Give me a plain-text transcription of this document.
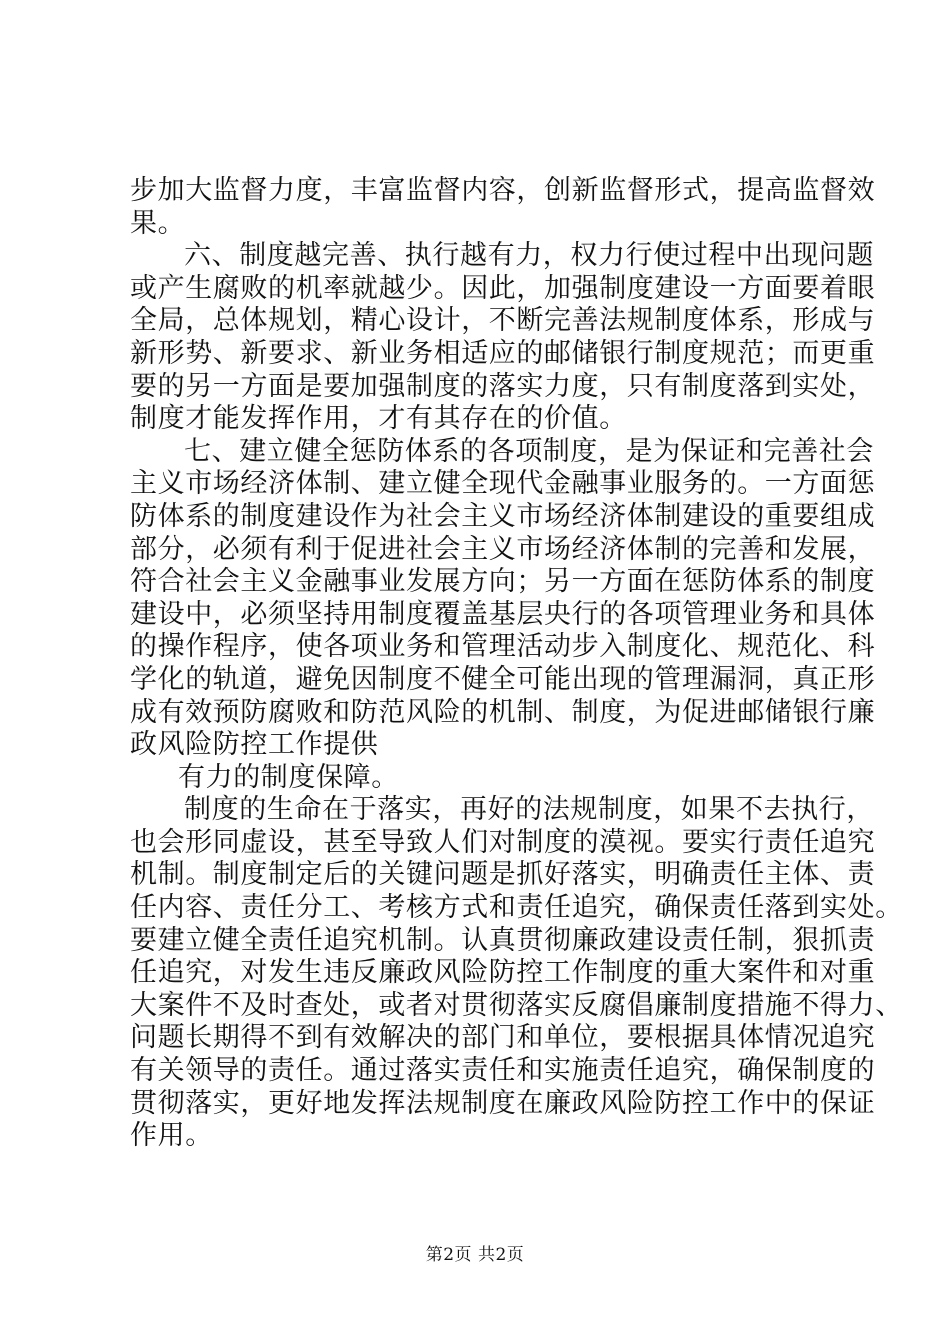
步加大监督力度，丰富监督内容，创新监督形式，提高监督效
果。
六、制度越完善、执行越有力，权力行使过程中出现问题
或产生腐败的机率就越少。因此，加强制度建设一方面要着眼
全局，总体规划，精心设计，不断完善法规制度体系，形成与
新形势、新要求、新业务相适应的邮储银行制度规范；而更重
要的另一方面是要加强制度的落实力度，只有制度落到实处，
制度才能发挥作用，才有其存在的价值。
七、建立健全惩防体系的各项制度，是为保证和完善社会
主义市场经济体制、建立健全现代金融事业服务的。一方面惩
防体系的制度建设作为社会主义市场经济体制建设的重要组成
部分，必须有利于促进社会主义市场经济体制的完善和发展，
符合社会主义金融事业发展方向；另一方面在惩防体系的制度
建设中，必须坚持用制度覆盖基层央行的各项管理业务和具体
的操作程序，使各项业务和管理活动步入制度化、规范化、科
学化的轨道，避免因制度不健全可能出现的管理漏洞，真正形
成有效预防腐败和防范风险的机制、制度，为促进邮储银行廉
政风险防控工作提供
有力的制度保障。
制度的生命在于落实，再好的法规制度，如果不去执行，
也会形同虚设，甚至导致人们对制度的漠视。要实行责任追究
机制。制度制定后的关键问题是抓好落实，明确责任主体、责
任内容、责任分工、考核方式和责任追究，确保责任落到实处。
要建立健全责任追究机制。认真贯彻廉政建设责任制，狠抓责
任追究，对发生违反廉政风险防控工作制度的重大案件和对重
大案件不及时查处，或者对贯彻落实反腐倡廉制度措施不得力、
问题长期得不到有效解决的部门和单位，要根据具体情况追究
有关领导的责任。通过落实责任和实施责任追究，确保制度的
贯彻落实，更好地发挥法规制度在廉政风险防控工作中的保证
作用。
第2页 共2页
